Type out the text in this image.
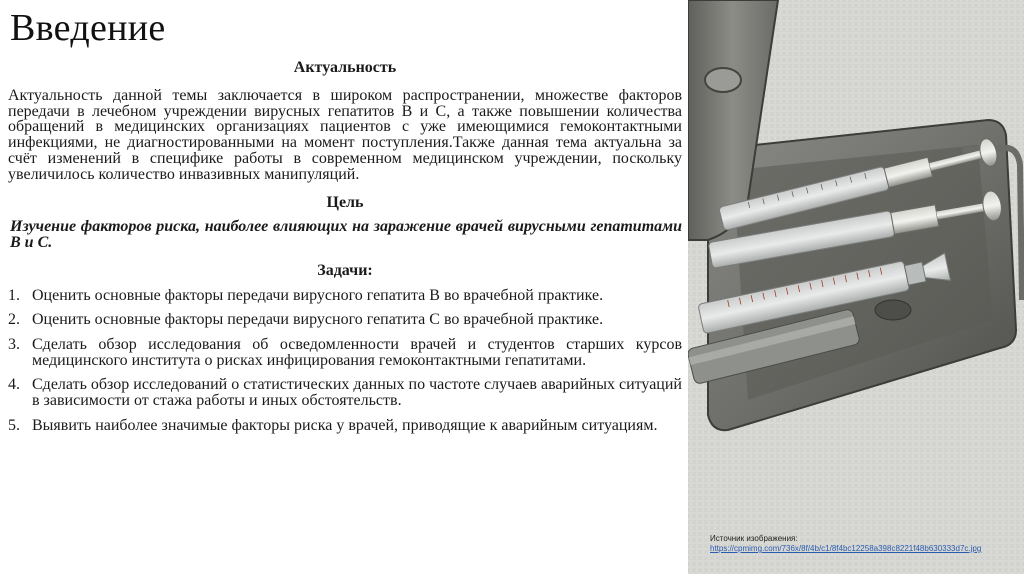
Введение

Актуальность

Актуальность данной темы заключается в широком распространении, множестве факторов передачи в лечебном учреждении вирусных гепатитов В и С, а также повышении количества обращений в медицинских организациях пациентов с уже имеющимися гемоконтактными инфекциями, не диагностированными на момент поступления.Также данная тема актуальна за счёт изменений в специфике работы в современном медицинском учреждении, поскольку увеличилось количество инвазивных манипуляций.

Цель

Изучение факторов риска, наиболее влияющих на заражение врачей вирусными гепатитами В и С.

Задачи:

1. Оценить основные факторы передачи вирусного гепатита В во врачебной практике.
2. Оценить основные факторы передачи вирусного гепатита С во врачебной практике.
3. Сделать обзор исследования об осведомленности врачей и студентов старших курсов медицинского института о рисках инфицирования гемоконтактными гепатитами.
4. Сделать обзор исследований о статистических данных по частоте случаев аварийных ситуаций в зависимости от стажа работы и иных обстоятельств.
5. Выявить наиболее значимые факторы риска у врачей, приводящие к аварийным ситуациям.
Источник изображения:
https://cpmimg.com/736x/8f/4b/c1/8f4bc12258a398c8221f48b630333d7c.jpg
